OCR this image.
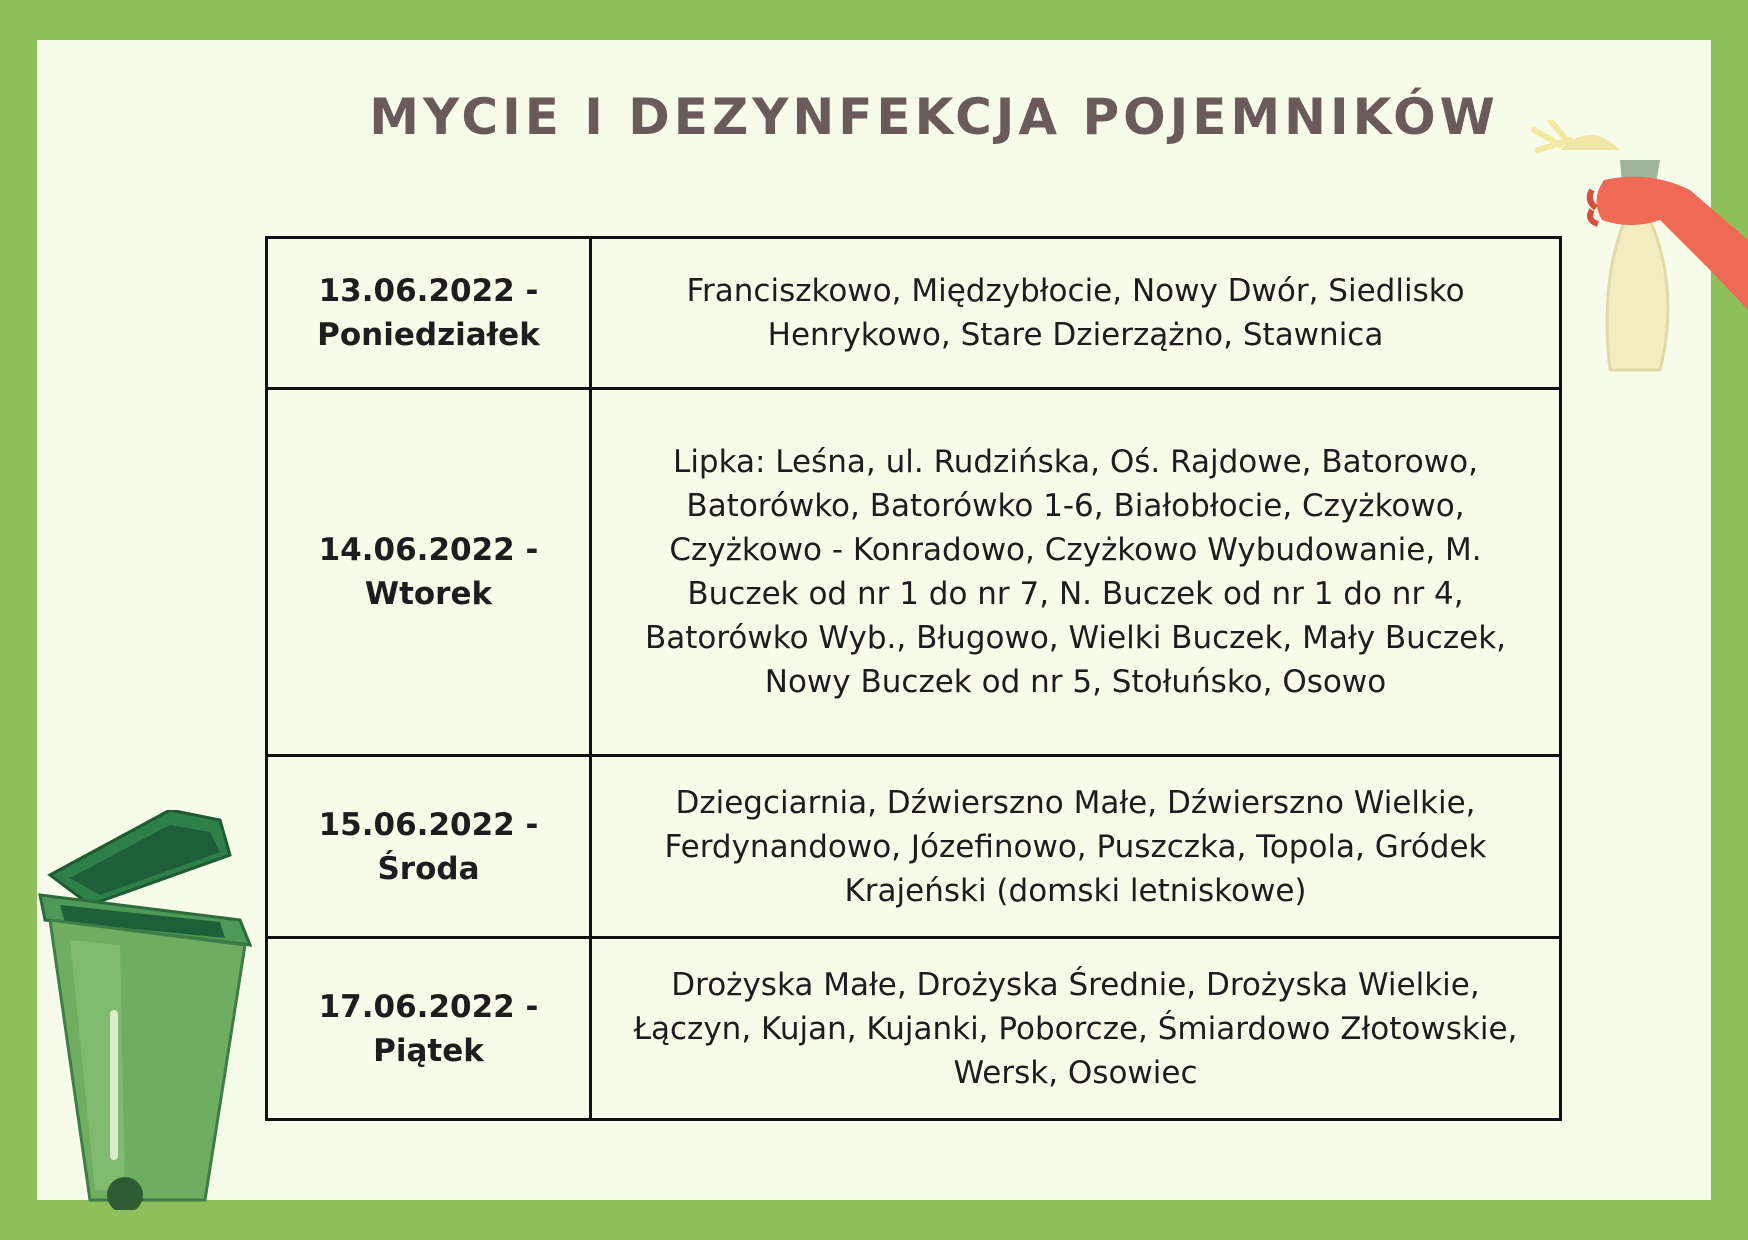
MYCIE I DEZYNFEKCJA POJEMNIKÓW
13.06.2022 -
Poniedziałek	Franciszkowo, Międzybłocie, Nowy Dwór, Siedlisko Henrykowo, Stare Dzierzążno, Stawnica
14.06.2022 -
Wtorek	Lipka: Leśna, ul. Rudzińska, Oś. Rajdowe, Batorowo, Batorówko, Batorówko 1-6, Białobłocie, Czyżkowo, Czyżkowo - Konradowo, Czyżkowo Wybudowanie, M. Buczek od nr 1 do nr 7, N. Buczek od nr 1 do nr 4, Batorówko Wyb., Bługowo, Wielki Buczek, Mały Buczek, Nowy Buczek od nr 5, Stołuńsko, Osowo
15.06.2022 -
Środa	Dziegciarnia, Dźwierszno Małe, Dźwierszno Wielkie, Ferdynandowo, Józefinowo, Puszczka, Topola, Gródek Krajeński (domski letniskowe)
17.06.2022 -
Piątek	Drożyska Małe, Drożyska Średnie, Drożyska Wielkie, Łączyn, Kujan, Kujanki, Poborcze, Śmiardowo Złotowskie, Wersk, Osowiec
